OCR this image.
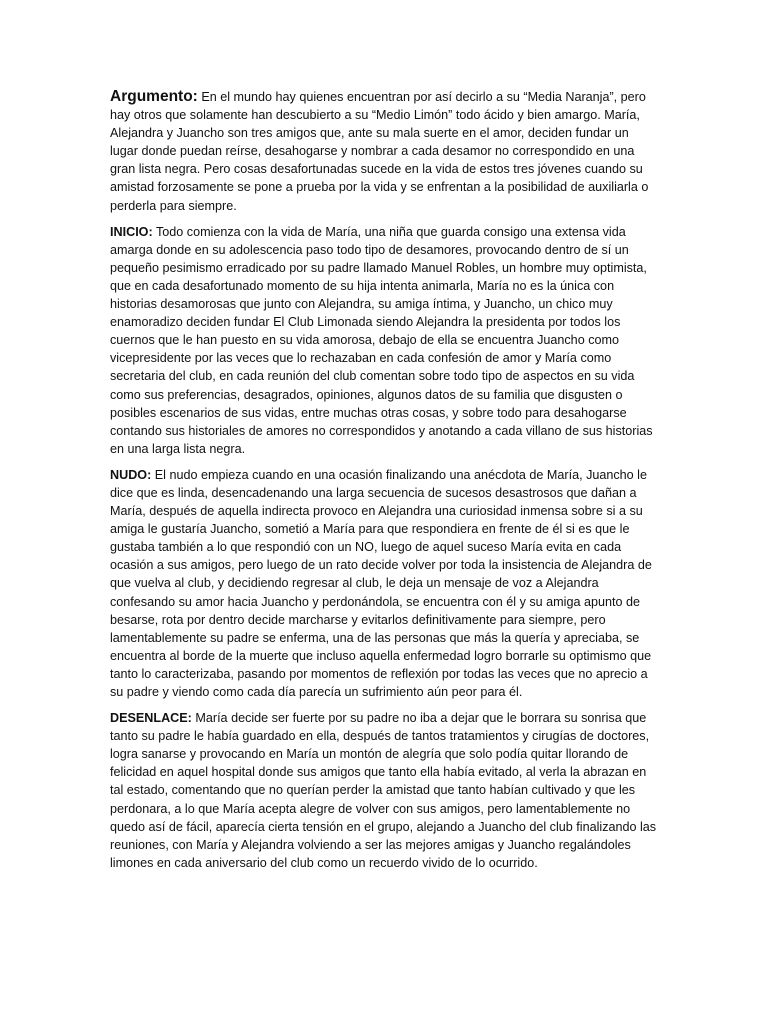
Argumento: En el mundo hay quienes encuentran por así decirlo a su “Media Naranja”, pero hay otros que solamente han descubierto a su “Medio Limón” todo ácido y bien amargo. María, Alejandra y Juancho son tres amigos que, ante su mala suerte en el amor, deciden fundar un lugar donde puedan reírse, desahogarse y nombrar a cada desamor no correspondido en una gran lista negra. Pero cosas desafortunadas sucede en la vida de estos tres jóvenes cuando su amistad forzosamente se pone a prueba por la vida y se enfrentan a la posibilidad de auxiliarla o perderla para siempre.

INICIO: Todo comienza con la vida de María, una niña que guarda consigo una extensa vida amarga donde en su adolescencia paso todo tipo de desamores, provocando dentro de sí un pequeño pesimismo erradicado por su padre llamado Manuel Robles, un hombre muy optimista, que en cada desafortunado momento de su hija intenta animarla, María no es la única con historias desamorosas que junto con Alejandra, su amiga íntima, y Juancho, un chico muy enamoradizo deciden fundar El Club Limonada siendo Alejandra la presidenta por todos los cuernos que le han puesto en su vida amorosa, debajo de ella se encuentra Juancho como vicepresidente por las veces que lo rechazaban en cada confesión de amor y María como secretaria del club, en cada reunión del club comentan sobre todo tipo de aspectos en su vida como sus preferencias, desagrados, opiniones, algunos datos de su familia que disgusten o posibles escenarios de sus vidas, entre muchas otras cosas, y sobre todo para desahogarse contando sus historiales de amores no correspondidos y anotando a cada villano de sus historias en una larga lista negra.

NUDO: El nudo empieza cuando en una ocasión finalizando una anécdota de María, Juancho le dice que es linda, desencadenando una larga secuencia de sucesos desastrosos que dañan a María, después de aquella indirecta provoco en Alejandra una curiosidad inmensa sobre si a su amiga le gustaría Juancho, sometió a María para que respondiera en frente de él si es que le gustaba también a lo que respondió con un NO, luego de aquel suceso María evita en cada ocasión a sus amigos, pero luego de un rato decide volver por toda la insistencia de Alejandra de que vuelva al club, y decidiendo regresar al club, le deja un mensaje de voz a Alejandra confesando su amor hacia Juancho y perdonándola, se encuentra con él y su amiga apunto de besarse, rota por dentro decide marcharse y evitarlos definitivamente para siempre, pero lamentablemente su padre se enferma, una de las personas que más la quería y apreciaba, se encuentra al borde de la muerte que incluso aquella enfermedad logro borrarle su optimismo que tanto lo caracterizaba, pasando por momentos de reflexión por todas las veces que no aprecio a su padre y viendo como cada día parecía un sufrimiento aún peor para él.

DESENLACE: María decide ser fuerte por su padre no iba a dejar que le borrara su sonrisa que tanto su padre le había guardado en ella, después de tantos tratamientos y cirugías de doctores, logra sanarse y provocando en María un montón de alegría que solo podía quitar llorando de felicidad en aquel hospital donde sus amigos que tanto ella había evitado, al verla la abrazan en tal estado, comentando que no querían perder la amistad que tanto habían cultivado y que les perdonara, a lo que María acepta alegre de volver con sus amigos, pero lamentablemente no quedo así de fácil, aparecía cierta tensión en el grupo, alejando a Juancho del club finalizando las reuniones, con María y Alejandra volviendo a ser las mejores amigas y Juancho regalándoles limones en cada aniversario del club como un recuerdo vivido de lo ocurrido.
